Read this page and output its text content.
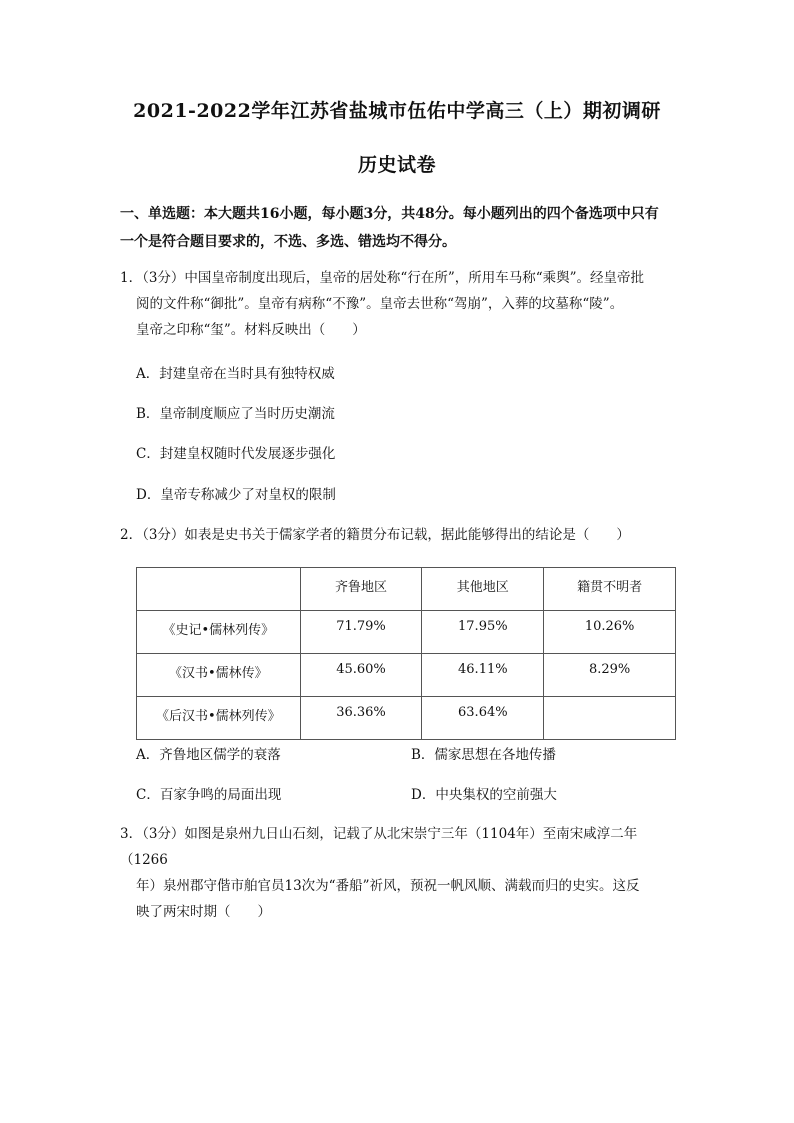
2021-2022学年江苏省盐城市伍佑中学高三（上）期初调研
历史试卷
一、单选题：本大题共16小题，每小题3分，共48分。每小题列出的四个备选项中只有
一个是符合题目要求的，不选、多选、错选均不得分。
1．（3分）中国皇帝制度出现后，皇帝的居处称“行在所”，所用车马称“乘舆”。经皇帝批
阅的文件称“御批”。皇帝有病称“不豫”。皇帝去世称“驾崩”，入葬的坟墓称“陵”。
皇帝之印称“玺”。材料反映出（　　）
A．封建皇帝在当时具有独特权威
B．皇帝制度顺应了当时历史潮流
C．封建皇权随时代发展逐步强化
D．皇帝专称减少了对皇权的限制
2．（3分）如表是史书关于儒家学者的籍贯分布记载，据此能够得出的结论是（　　）
	齐鲁地区	其他地区	籍贯不明者
《史记•儒林列传》	71.79%	17.95%	10.26%
《汉书•儒林传》	45.60%	46.11%	8.29%
《后汉书•儒林列传》	36.36%	63.64%	
A．齐鲁地区儒学的衰落	B．儒家思想在各地传播
C．百家争鸣的局面出现	D．中央集权的空前强大
3．（3分）如图是泉州九日山石刻，记载了从北宋崇宁三年（1104年）至南宋咸淳二年（1266
年）泉州郡守偕市舶官员13次为“番船”祈风，预祝一帆风顺、满载而归的史实。这反
映了两宋时期（　　）
